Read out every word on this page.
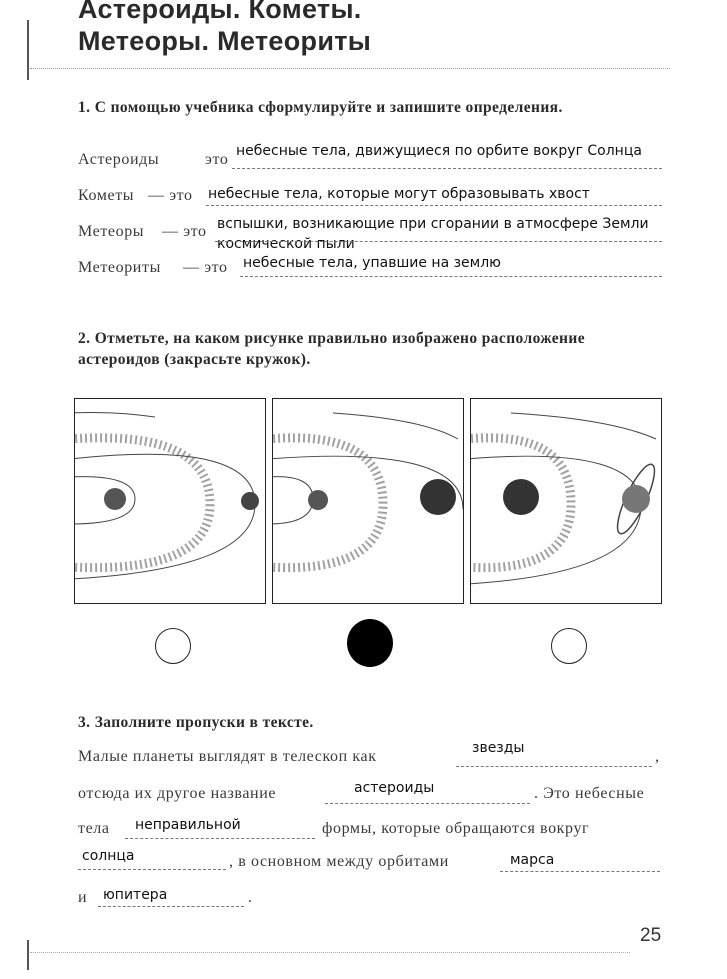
Астероиды. Кометы.
Метеоры. Метеориты
1. С помощью учебника сформулируйте и запишите определения.
Астероиды	это небесные тела, движущиеся по орбите вокруг Солнца
Кометы — это небесные тела, которые могут образовывать хвост
Метеоры — это вспышки, возникающие при сгорании в атмосфере Земли
космической пыли
Метеориты — это небесные тела, упавшие на землю
2. Отметьте, на каком рисунке правильно изображено расположение астероидов (закрасьте кружок).
3. Заполните пропуски в тексте.
Малые планеты выглядят в телескоп как	звезды	,
отсюда их другое название	астероиды	. Это небесные
тела неправильной	формы, которые обращаются вокруг
солнца	, в основном между орбитами	марса
и юпитера	.
25
